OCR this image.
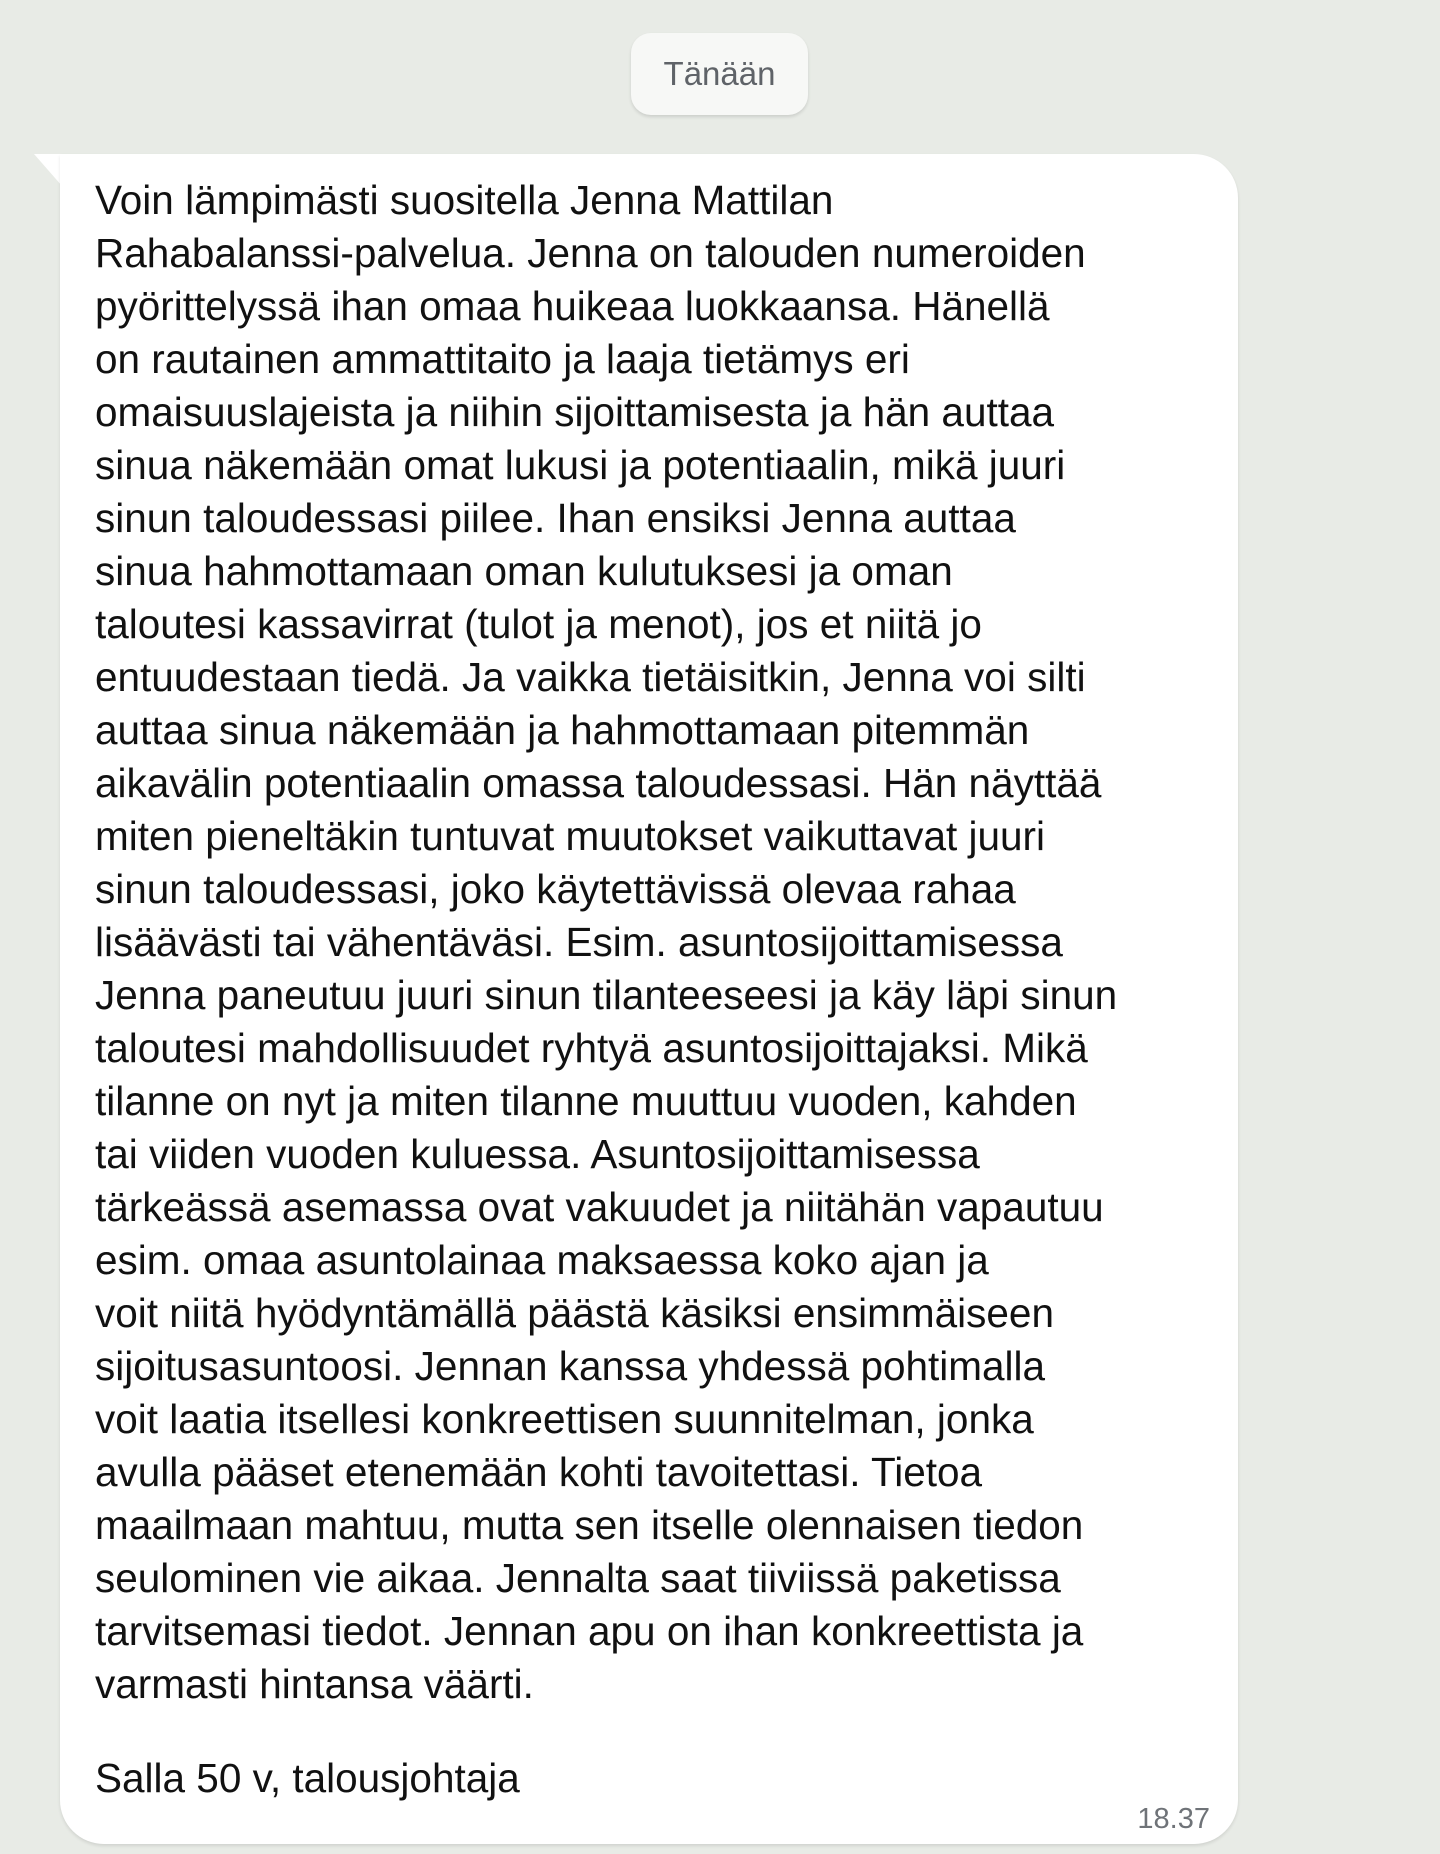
Tänään

Voin lämpimästi suositella Jenna Mattilan
Rahabalanssi-palvelua. Jenna on talouden numeroiden
pyörittelyssä ihan omaa huikeaa luokkaansa. Hänellä
on rautainen ammattitaito ja laaja tietämys eri
omaisuuslajeista ja niihin sijoittamisesta ja hän auttaa
sinua näkemään omat lukusi ja potentiaalin, mikä juuri
sinun taloudessasi piilee. Ihan ensiksi Jenna auttaa
sinua hahmottamaan oman kulutuksesi ja oman
taloutesi kassavirrat (tulot ja menot), jos et niitä jo
entuudestaan tiedä. Ja vaikka tietäisitkin, Jenna voi silti
auttaa sinua näkemään ja hahmottamaan pitemmän
aikavälin potentiaalin omassa taloudessasi. Hän näyttää
miten pieneltäkin tuntuvat muutokset vaikuttavat juuri
sinun taloudessasi, joko käytettävissä olevaa rahaa
lisäävästi tai vähentäväsi. Esim. asuntosijoittamisessa
Jenna paneutuu juuri sinun tilanteeseesi ja käy läpi sinun
taloutesi mahdollisuudet ryhtyä asuntosijoittajaksi. Mikä
tilanne on nyt ja miten tilanne muuttuu vuoden, kahden
tai viiden vuoden kuluessa. Asuntosijoittamisessa
tärkeässä asemassa ovat vakuudet ja niitähän vapautuu
esim. omaa asuntolainaa maksaessa koko ajan ja
voit niitä hyödyntämällä päästä käsiksi ensimmäiseen
sijoitusasuntoosi. Jennan kanssa yhdessä pohtimalla
voit laatia itsellesi konkreettisen suunnitelman, jonka
avulla pääset etenemään kohti tavoitettasi. Tietoa
maailmaan mahtuu, mutta sen itselle olennaisen tiedon
seulominen vie aikaa. Jennalta saat tiiviissä paketissa
tarvitsemasi tiedot. Jennan apu on ihan konkreettista ja
varmasti hintansa väärti.

Salla 50 v, talousjohtaja

18.37
